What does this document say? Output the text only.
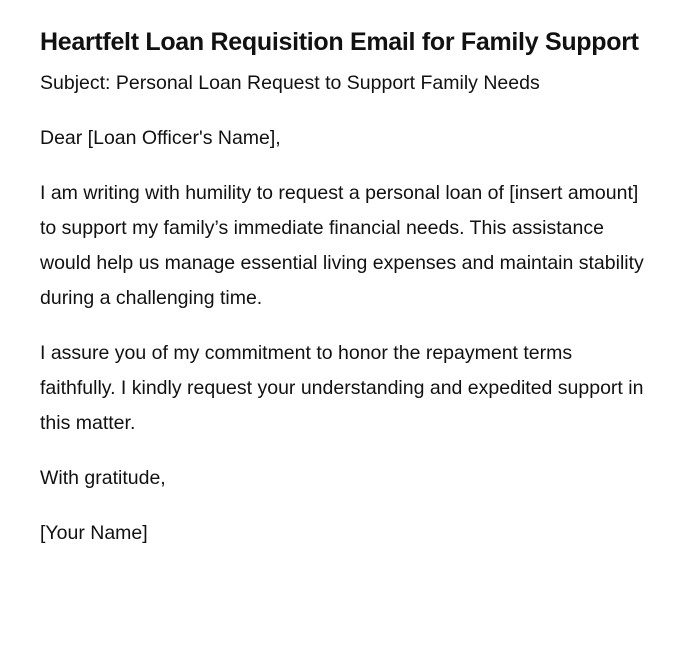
Heartfelt Loan Requisition Email for Family Support

Subject: Personal Loan Request to Support Family Needs

Dear [Loan Officer's Name],

I am writing with humility to request a personal loan of [insert amount] to support my family’s immediate financial needs. This assistance would help us manage essential living expenses and maintain stability during a challenging time.

I assure you of my commitment to honor the repayment terms faithfully. I kindly request your understanding and expedited support in this matter.

With gratitude,

[Your Name]
